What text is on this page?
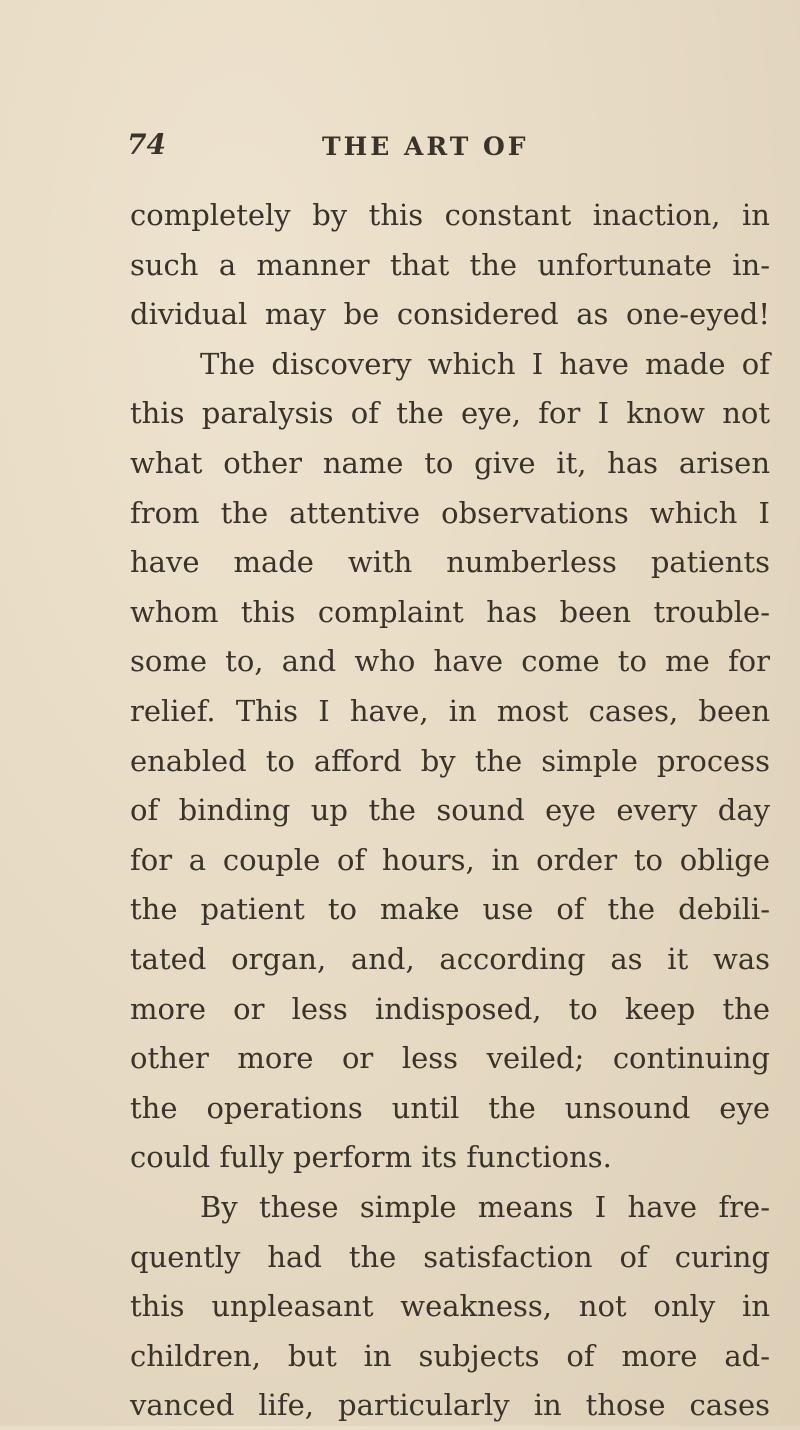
74	THE ART OF
completely by this constant inaction, in
such a manner that the unfortunate in-
dividual may be considered as one-eyed!
The discovery which I have made of
this paralysis of the eye, for I know not
what other name to give it, has arisen
from the attentive observations which I
have made with numberless patients
whom this complaint has been trouble-
some to, and who have come to me for
relief. This I have, in most cases, been
enabled to afford by the simple process
of binding up the sound eye every day
for a couple of hours, in order to oblige
the patient to make use of the debili-
tated organ, and, according as it was
more or less indisposed, to keep the
other more or less veiled; continuing
the operations until the unsound eye
could fully perform its functions.
By these simple means I have fre-
quently had the satisfaction of curing
this unpleasant weakness, not only in
children, but in subjects of more ad-
vanced life, particularly in those cases
